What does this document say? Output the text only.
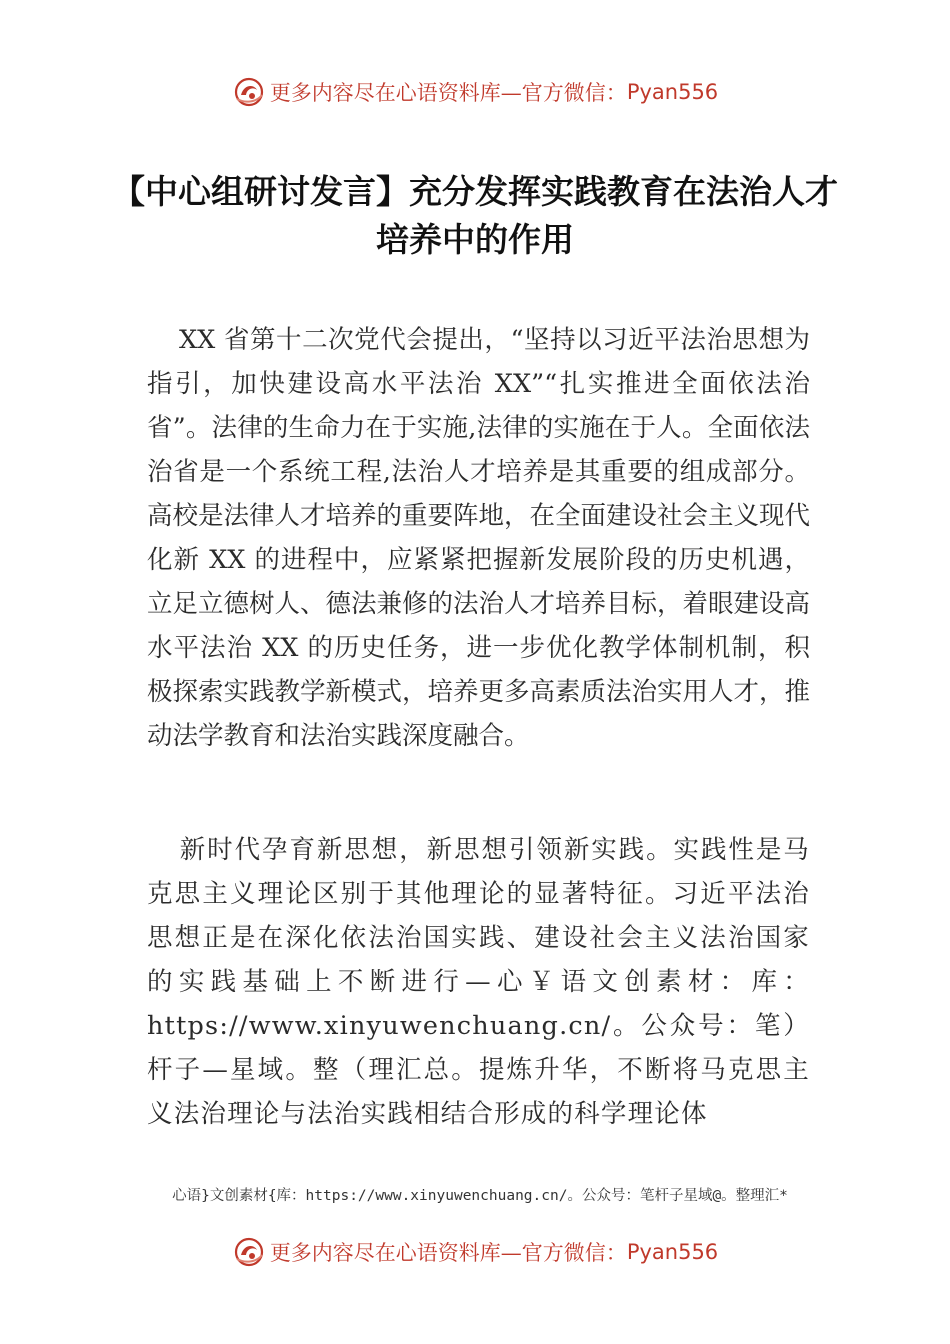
更多内容尽在心语资料库—官方微信： Pyan556
【中心组研讨发言】充分发挥实践教育在法治人才培养中的作用
XX 省第十二次党代会提出，“坚持以习近平法治思想为指引，加快建设高水平法治 XX”“扎实推进全面依法治省”。法律的生命力在于实施,法律的实施在于人。全面依法治省是一个系统工程,法治人才培养是其重要的组成部分。高校是法律人才培养的重要阵地，在全面建设社会主义现代化新 XX 的进程中，应紧紧把握新发展阶段的历史机遇，立足立德树人、德法兼修的法治人才培养目标，着眼建设高水平法治 XX 的历史任务，进一步优化教学体制机制，积极探索实践教学新模式，培养更多高素质法治实用人才，推动法学教育和法治实践深度融合。
新时代孕育新思想，新思想引领新实践。实践性是马克思主义理论区别于其他理论的显著特征。习近平法治思想正是在深化依法治国实践、建设社会主义法治国家的实践基础上不断进行—心￥语文创素材：库：https://www.xinyuwenchuang.cn/。公众号：笔）杆子—星域。整（理汇总。提炼升华，不断将马克思主义法治理论与法治实践相结合形成的科学理论体
心语}文创素材{库：https://www.xinyuwenchuang.cn/。公众号：笔杆子星域@。整理汇*
更多内容尽在心语资料库—官方微信： Pyan556
